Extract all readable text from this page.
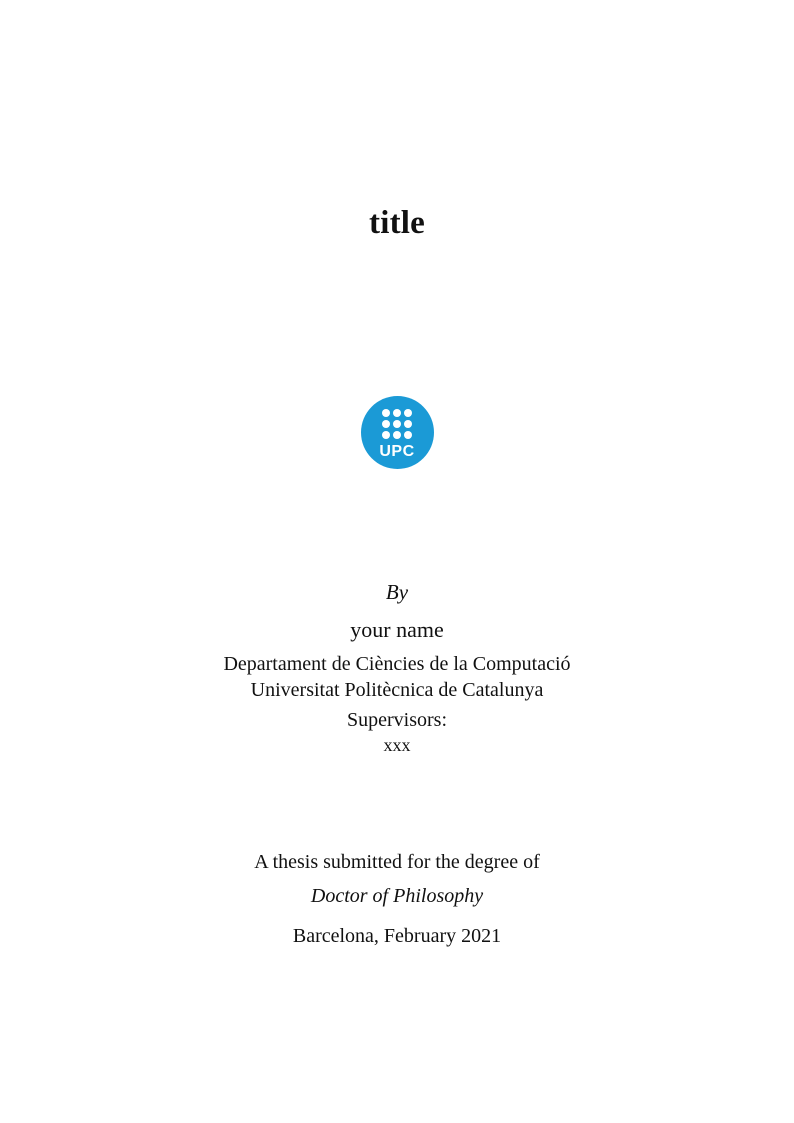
title
UPC
By
your name
Departament de Ciències de la Computació
Universitat Politècnica de Catalunya
Supervisors:
xxx
A thesis submitted for the degree of
Doctor of Philosophy
Barcelona, February 2021
